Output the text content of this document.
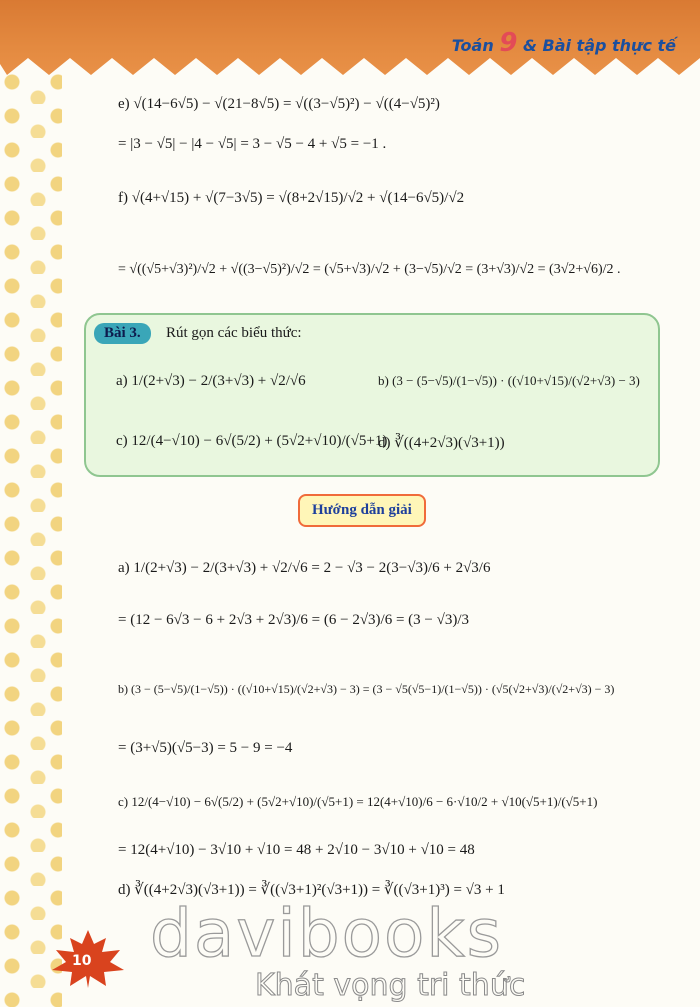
Toán 9 & Bài tập thực tế
e) √(14−6√5) − √(21−8√5) = √((3−√5)²) − √((4−√5)²)
= |3 − √5| − |4 − √5| = 3 − √5 − 4 + √5 = −1 .
f) √(4+√15) + √(7−3√5) = √(8+2√15)/√2 + √(14−6√5)/√2
= √((√5+√3)²)/√2 + √((3−√5)²)/√2 = (√5+√3)/√2 + (3−√5)/√2 = (3+√3)/√2 = (3√2+√6)/2 .
Bài 3.	Rút gọn các biểu thức:
a) 1/(2+√3) − 2/(3+√3) + √2/√6	b) (3 − (5−√5)/(1−√5)) · ((√10+√15)/(√2+√3) − 3)
c) 12/(4−√10) − 6√(5/2) + (5√2+√10)/(√5+1)
d) ∛((4+2√3)(√3+1))
Hướng dẫn giải
a) 1/(2+√3) − 2/(3+√3) + √2/√6 = 2 − √3 − 2(3−√3)/6 + 2√3/6
= (12 − 6√3 − 6 + 2√3 + 2√3)/6 = (6 − 2√3)/6 = (3 − √3)/3
b) (3 − (5−√5)/(1−√5)) · ((√10+√15)/(√2+√3) − 3) = (3 − √5(√5−1)/(1−√5)) · (√5(√2+√3)/(√2+√3) − 3)
= (3+√5)(√5−3) = 5 − 9 = −4
c) 12/(4−√10) − 6√(5/2) + (5√2+√10)/(√5+1) = 12(4+√10)/6 − 6·√10/2 + √10(√5+1)/(√5+1)
= 12(4+√10) − 3√10 + √10 = 48 + 2√10 − 3√10 + √10 = 48
d) ∛((4+2√3)(√3+1)) = ∛((√3+1)²(√3+1)) = ∛((√3+1)³) = √3 + 1
davibooks
Khát vọng tri thức
10
